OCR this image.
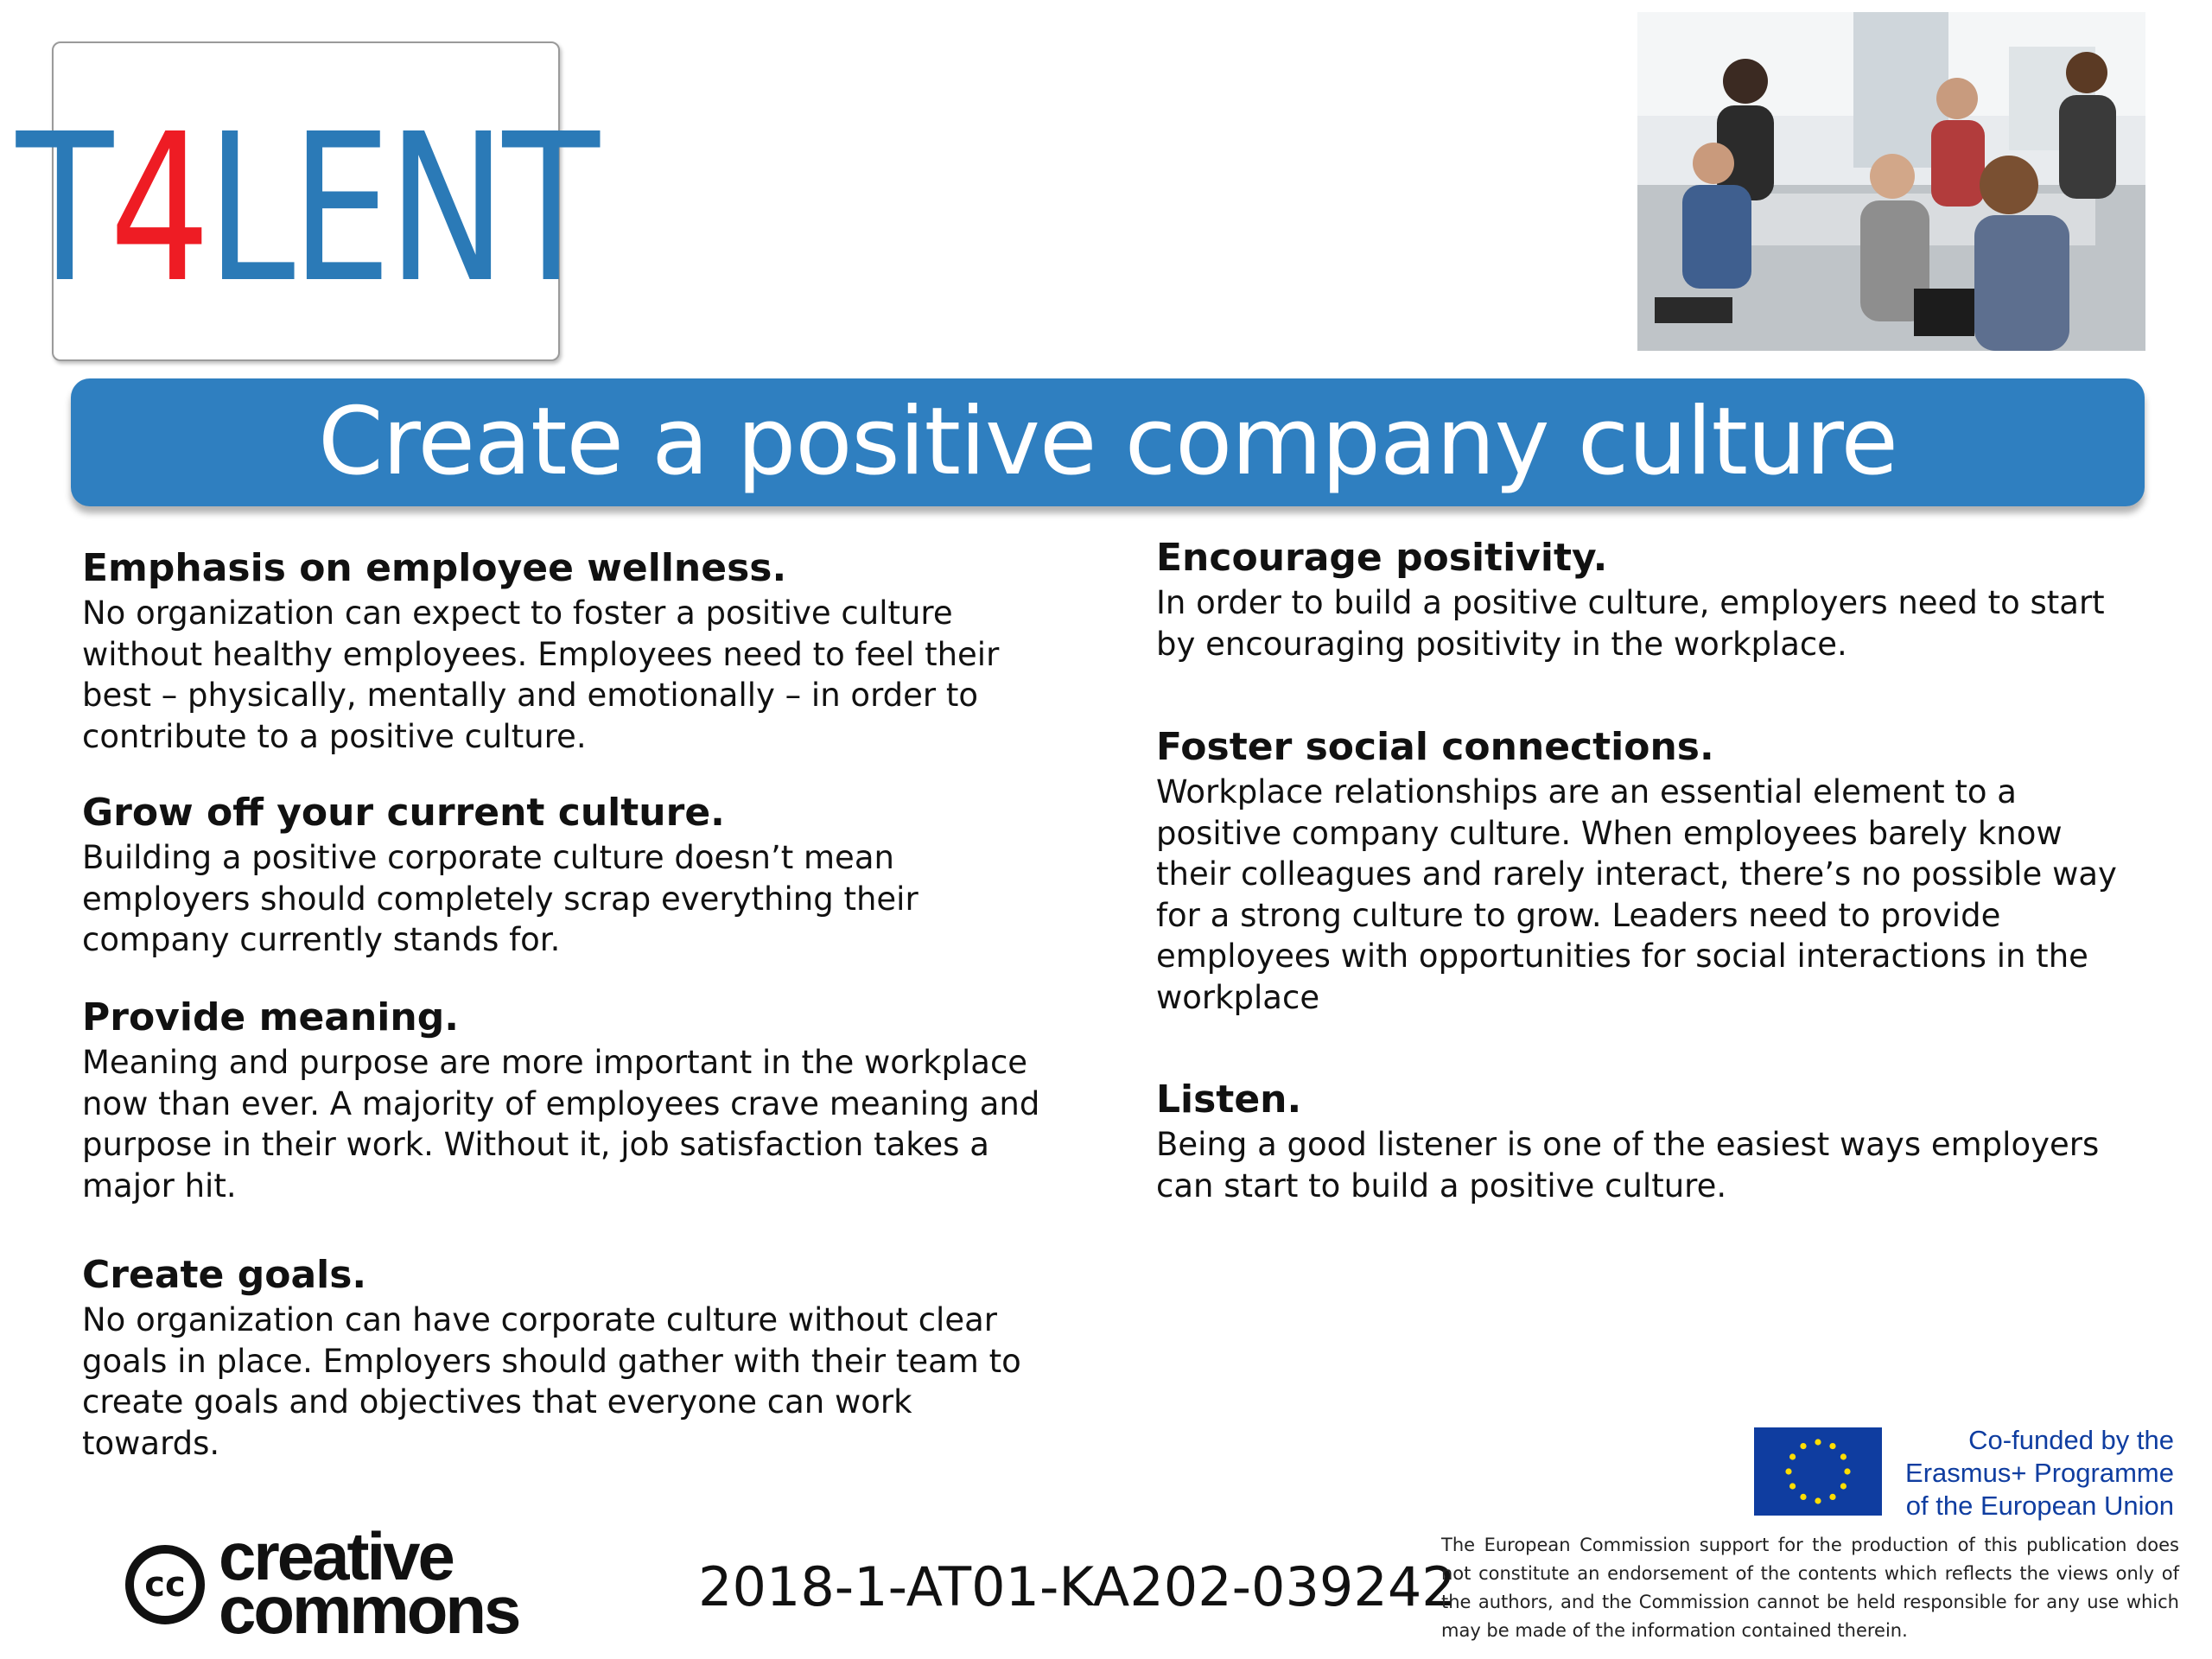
T 4 LENT
Create a positive company culture
Emphasis on employee wellness.

No organization can expect to foster a positive culture without healthy employees. Employees need to feel their best – physically, mentally and emotionally – in order to contribute to a positive culture.

Grow off your current culture.

Building a positive corporate culture doesn’t mean employers should completely scrap everything their company currently stands for.

Provide meaning.

Meaning and purpose are more important in the workplace now than ever. A majority of employees crave meaning and purpose in their work. Without it, job satisfaction takes a major hit.

Create goals.

No organization can have corporate culture without clear goals in place. Employers should gather with their team to create goals and objectives that everyone can work towards.

Encourage positivity.

In order to build a positive culture, employers need to start by encouraging positivity in the workplace.

Foster social connections.

Workplace relationships are an essential element to a positive company culture. When employees barely know their colleagues and rarely interact, there’s no possible way for a strong culture to grow. Leaders need to provide employees with opportunities for social interactions in the workplace

Listen.

Being a good listener is one of the easiest ways employers can start to build a positive culture.

cc creative
commons	2018-1-AT01-KA202-039242
Co-funded by the
Erasmus+ Programme
of the European Union
The European Commission support for the production of this publication does not constitute an endorsement of the contents which reflects the views only of the authors, and the Commission cannot be held responsible for any use which may be made of the information contained therein.
